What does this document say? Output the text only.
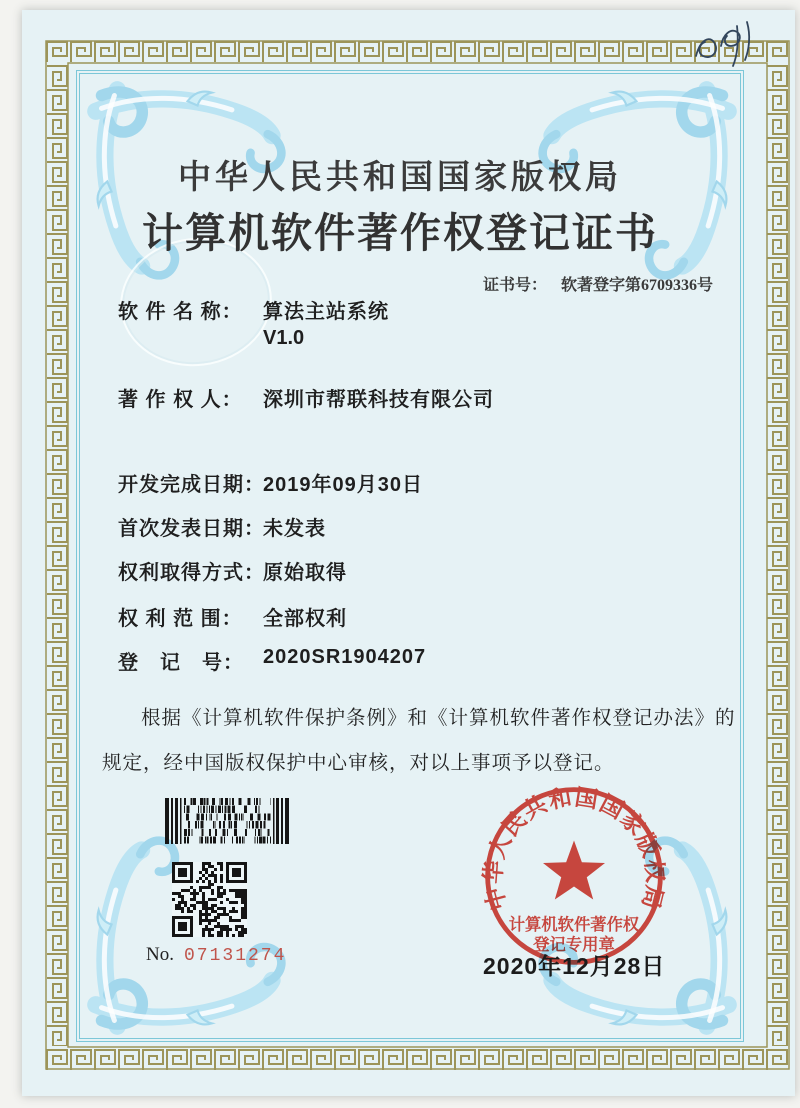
中华人民共和国国家版权局
计算机软件著作权登记证书
证书号： 软著登字第6709336号
软 件 名 称： 算法主站系统
V1.0
著 作 权 人： 深圳市帮联科技有限公司
开发完成日期：
2019年09月30日
首次发表日期：
未发表
权利取得方式：
原始取得
权 利 范 围： 全部权利
登　记　号： 2020SR1904207
根据《计算机软件保护条例》和《计算机软件著作权登记办法》的
规定，经中国版权保护中心审核，对以上事项予以登记。
No. 07131274
中华人民共和国国家版权局
计算机软件著作权
登记专用章
2020年12月28日
